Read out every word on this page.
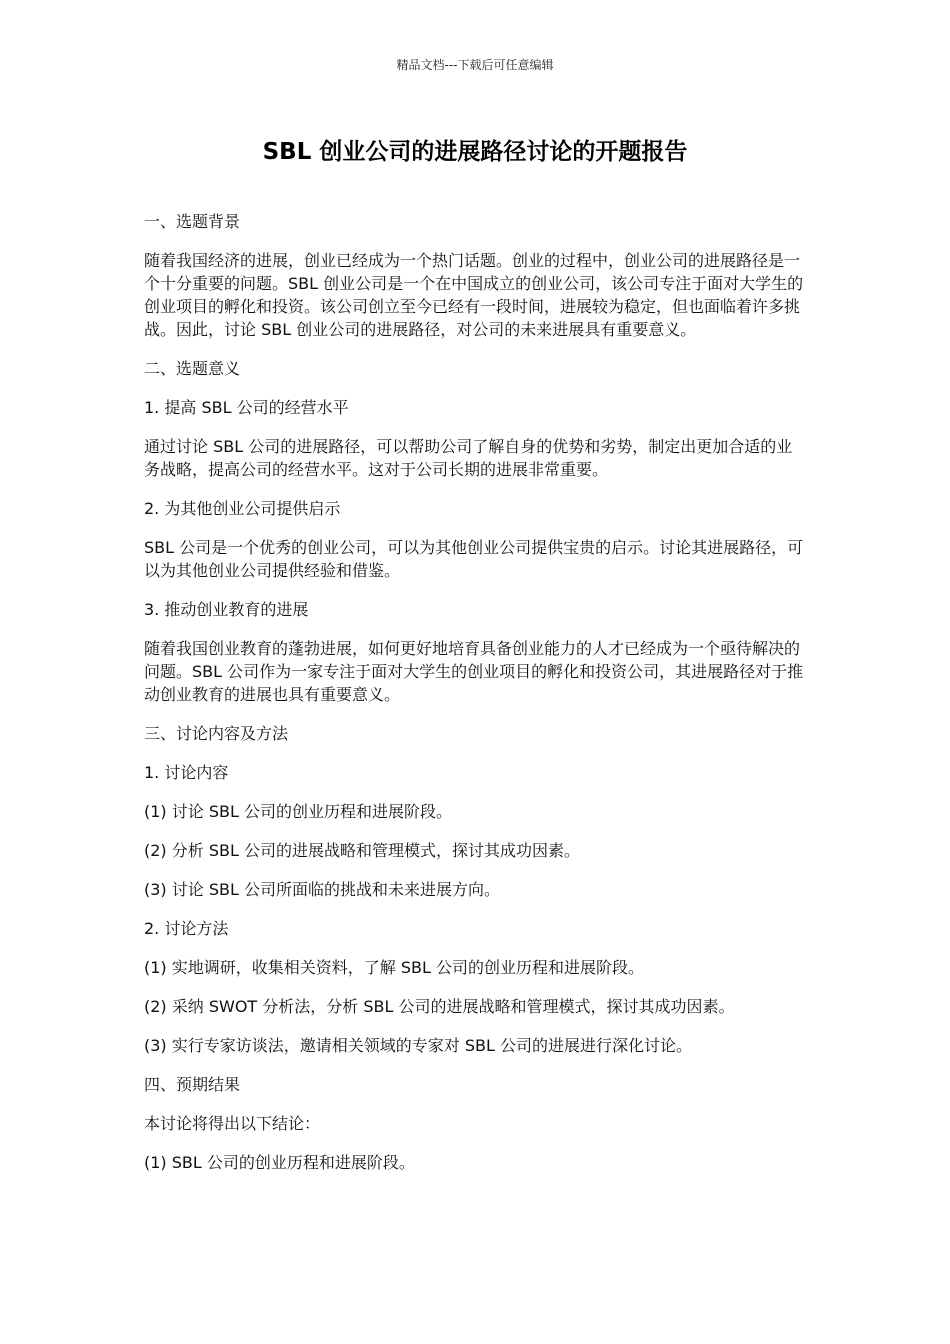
精品文档---下载后可任意编辑
SBL 创业公司的进展路径讨论的开题报告

一、选题背景

随着我国经济的进展，创业已经成为一个热门话题。创业的过程中，创业公司的进展路径是一个十分重要的问题。SBL 创业公司是一个在中国成立的创业公司，该公司专注于面对大学生的创业项目的孵化和投资。该公司创立至今已经有一段时间，进展较为稳定，但也面临着许多挑战。因此，讨论 SBL 创业公司的进展路径，对公司的未来进展具有重要意义。

二、选题意义

1. 提高 SBL 公司的经营水平

通过讨论 SBL 公司的进展路径，可以帮助公司了解自身的优势和劣势，制定出更加合适的业务战略，提高公司的经营水平。这对于公司长期的进展非常重要。

2. 为其他创业公司提供启示

SBL 公司是一个优秀的创业公司，可以为其他创业公司提供宝贵的启示。讨论其进展路径，可以为其他创业公司提供经验和借鉴。

3. 推动创业教育的进展

随着我国创业教育的蓬勃进展，如何更好地培育具备创业能力的人才已经成为一个亟待解决的问题。SBL 公司作为一家专注于面对大学生的创业项目的孵化和投资公司，其进展路径对于推动创业教育的进展也具有重要意义。

三、讨论内容及方法

1. 讨论内容

(1) 讨论 SBL 公司的创业历程和进展阶段。

(2) 分析 SBL 公司的进展战略和管理模式，探讨其成功因素。

(3) 讨论 SBL 公司所面临的挑战和未来进展方向。

2. 讨论方法

(1) 实地调研，收集相关资料，了解 SBL 公司的创业历程和进展阶段。

(2) 采纳 SWOT 分析法，分析 SBL 公司的进展战略和管理模式，探讨其成功因素。

(3) 实行专家访谈法，邀请相关领域的专家对 SBL 公司的进展进行深化讨论。

四、预期结果

本讨论将得出以下结论：

(1) SBL 公司的创业历程和进展阶段。
